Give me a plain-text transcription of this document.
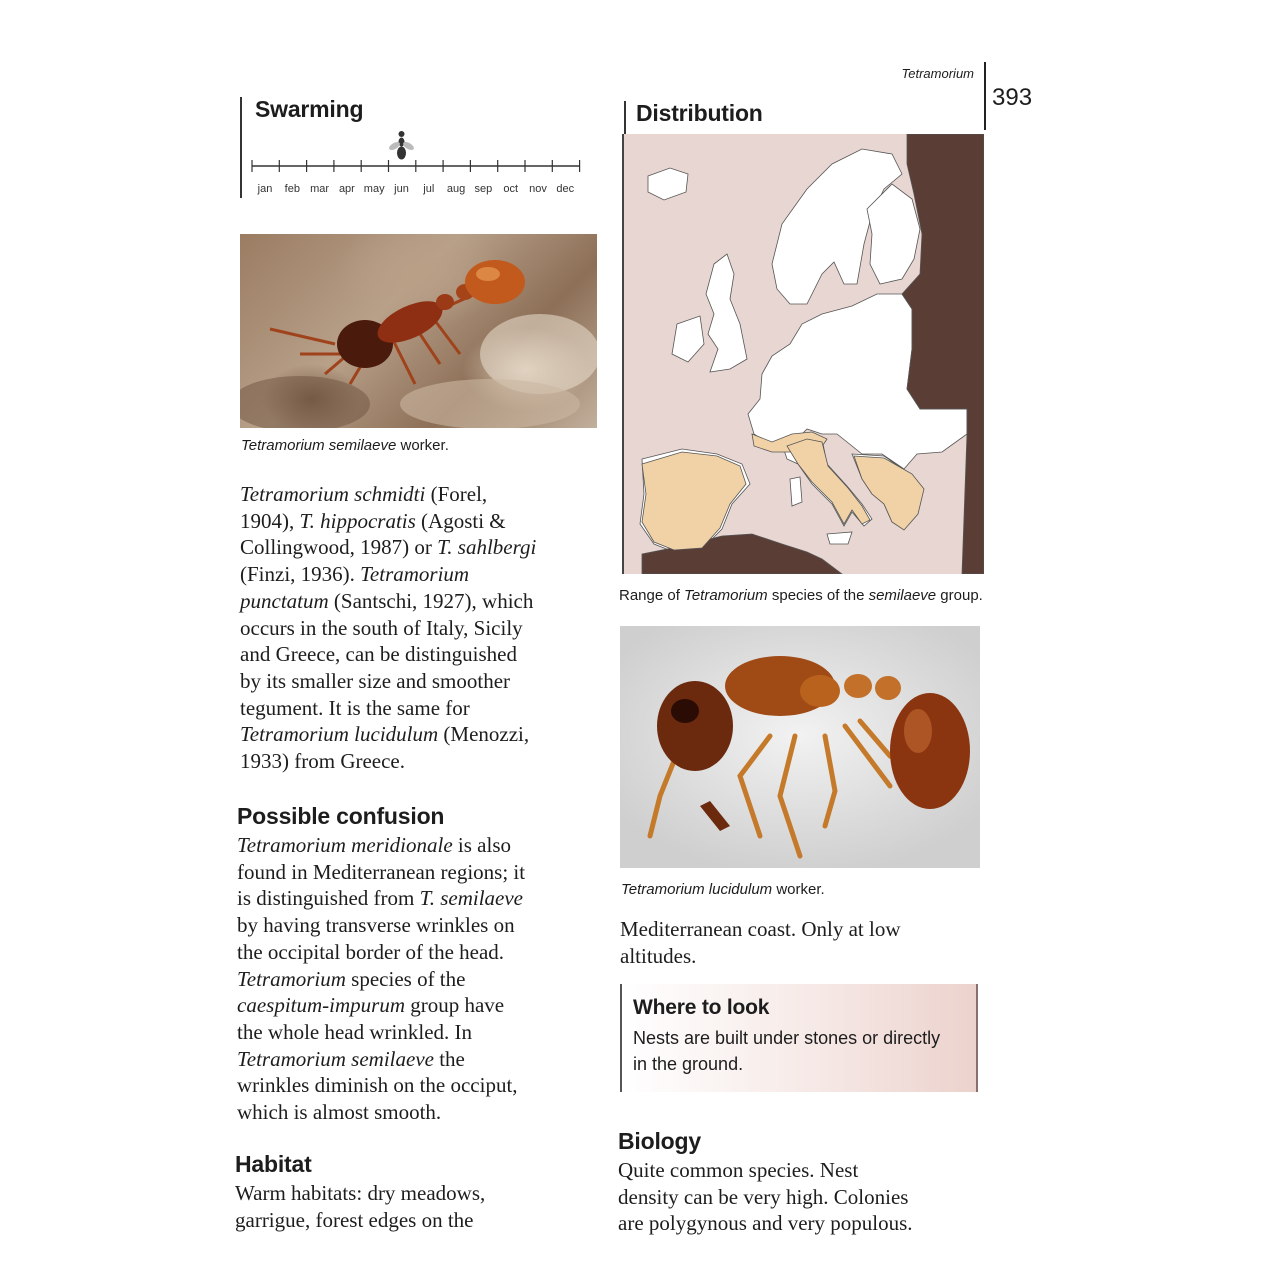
Tetramorium
393
Swarming
jan feb mar apr may jun jul aug sep oct nov dec
Tetramorium semilaeve worker.
Tetramorium schmidti (Forel,
1904), T. hippocratis (Agosti &
Collingwood, 1987) or T. sahlbergi
(Finzi, 1936). Tetramorium
punctatum (Santschi, 1927), which
occurs in the south of Italy, Sicily
and Greece, can be distinguished
by its smaller size and smoother
tegument. It is the same for
Tetramorium lucidulum (Menozzi,
1933) from Greece.
Possible confusion
Tetramorium meridionale is also
found in Mediterranean regions; it
is distinguished from T. semilaeve
by having transverse wrinkles on
the occipital border of the head.
Tetramorium species of the
caespitum-impurum group have
the whole head wrinkled. In
Tetramorium semilaeve the
wrinkles diminish on the occiput,
which is almost smooth.
Habitat
Warm habitats: dry meadows,
garrigue, forest edges on the
Distribution
Range of Tetramorium species of the semilaeve group.
Tetramorium lucidulum worker.
Mediterranean coast. Only at low
altitudes.
Where to look
Nests are built under stones or directly
in the ground.
Biology
Quite common species. Nest
density can be very high. Colonies
are polygynous and very populous.
